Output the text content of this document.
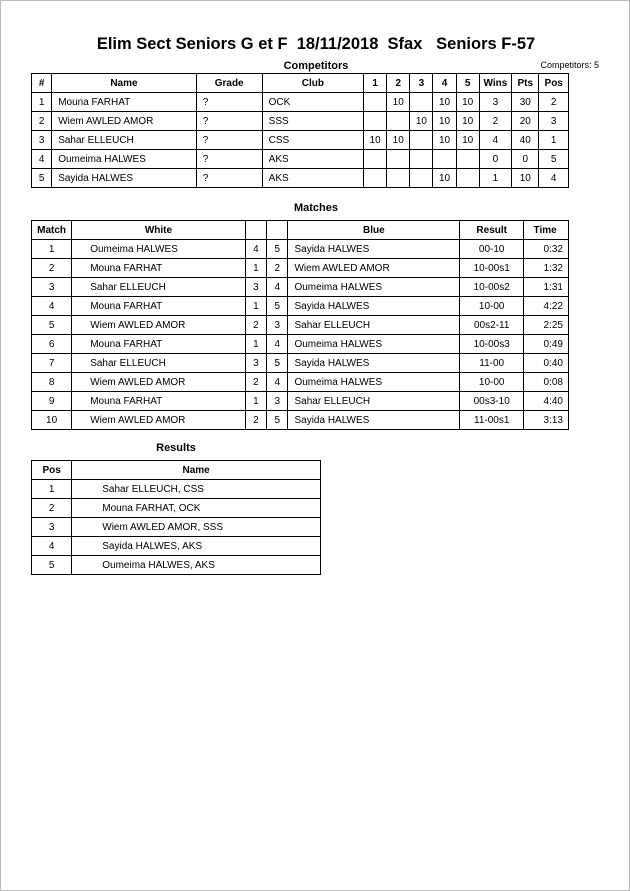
Elim Sect Seniors G et F  18/11/2018  Sfax   Seniors F-57
Competitors	Competitors: 5
#	Name	Grade	Club	1	2	3	4	5	Wins	Pts	Pos
1	Mouna FARHAT	?	OCK		10		10	10	3	30	2
2	Wiem AWLED AMOR	?	SSS			10	10	10	2	20	3
3	Sahar ELLEUCH	?	CSS	10	10		10	10	4	40	1
4	Oumeima HALWES	?	AKS						0	0	5
5	Sayida HALWES	?	AKS				10		1	10	4
Matches
Match	White			Blue	Result	Time
1	Oumeima HALWES	4	5	Sayida HALWES	00-10	0:32
2	Mouna FARHAT	1	2	Wiem AWLED AMOR	10-00s1	1:32
3	Sahar ELLEUCH	3	4	Oumeima HALWES	10-00s2	1:31
4	Mouna FARHAT	1	5	Sayida HALWES	10-00	4:22
5	Wiem AWLED AMOR	2	3	Sahar ELLEUCH	00s2-11	2:25
6	Mouna FARHAT	1	4	Oumeima HALWES	10-00s3	0:49
7	Sahar ELLEUCH	3	5	Sayida HALWES	11-00	0:40
8	Wiem AWLED AMOR	2	4	Oumeima HALWES	10-00	0:08
9	Mouna FARHAT	1	3	Sahar ELLEUCH	00s3-10	4:40
10	Wiem AWLED AMOR	2	5	Sayida HALWES	11-00s1	3:13
Results
Pos	Name
1	Sahar ELLEUCH, CSS
2	Mouna FARHAT, OCK
3	Wiem AWLED AMOR, SSS
4	Sayida HALWES, AKS
5	Oumeima HALWES, AKS
